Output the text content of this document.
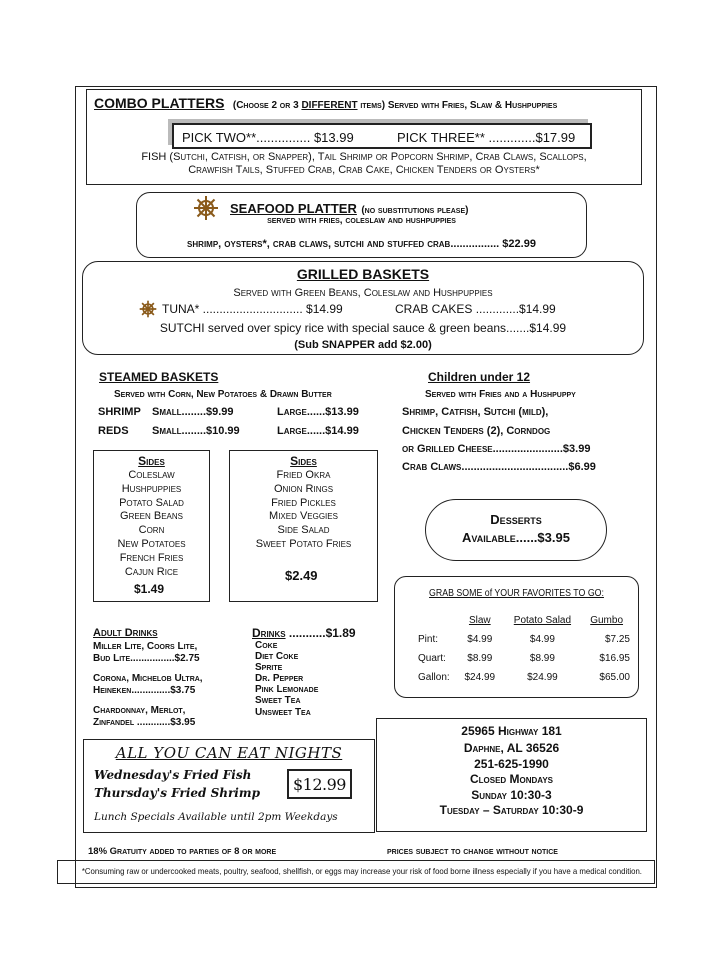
COMBO PLATTERS (Choose 2 or 3 DIFFERENT items) Served with Fries, Slaw & Hushpuppies
PICK TWO**............... $13.99	PICK THREE** .............$17.99
FISH (Sutchi, Catfish, or Snapper), Tail Shrimp or Popcorn Shrimp, Crab Claws, Scallops,
Crawfish Tails, Stuffed Crab, Crab Cake, Chicken Tenders or Oysters*
SEAFOOD PLATTER (no substitutions please)
served with fries, coleslaw and hushpuppies
shrimp, oysters*, crab claws, sutchi and stuffed crab................ $22.99
GRILLED BASKETS
Served with Green Beans, Coleslaw and Hushpuppies
TUNA* .............................. $14.99	CRAB CAKES .............$14.99
SUTCHI served over spicy rice with special sauce & green beans.......$14.99
(Sub SNAPPER add $2.00)
STEAMED BASKETS
Served with Corn, New Potatoes & Drawn Butter
SHRIMP Small........$9.99	Large......$13.99
REDS Small........$10.99	Large......$14.99
Sides
Coleslaw
Hushpuppies
Potato Salad
Green Beans
Corn
New Potatoes
French Fries
Cajun Rice
$1.49
Sides
Fried Okra
Onion Rings
Fried Pickles
Mixed Veggies
Side Salad
Sweet Potato Fries
$2.49
Children under 12
Served with Fries and a Hushpuppy
Shrimp, Catfish, Sutchi (mild),
Chicken Tenders (2), Corndog
or Grilled Cheese.......................$3.99
Crab Claws...................................$6.99
Desserts
Available......$3.95
GRAB SOME of YOUR FAVORITES TO GO:
	Slaw	Potato Salad	Gumbo
Pint:	$4.99	$4.99	$7.25
Quart:	$8.99	$8.99	$16.95
Gallon:	$24.99	$24.99	$65.00
Adult Drinks
Miller Lite, Coors Lite,
Bud Lite................$2.75
Corona, Michelob Ultra,
Heineken..............$3.75
Chardonnay, Merlot,
Zinfandel ............$3.95
Drinks ...........$1.89
Coke
Diet Coke
Sprite
Dr. Pepper
Pink Lemonade
Sweet Tea
Unsweet Tea
ALL YOU CAN EAT NIGHTS
Wednesday's Fried Fish
Thursday's Fried Shrimp $12.99
Lunch Specials Available until 2pm Weekdays
25965 Highway 181
Daphne, AL 36526
251-625-1990
Closed Mondays
Sunday 10:30-3
Tuesday – Saturday 10:30-9
18% Gratuity added to parties of 8 or more	prices subject to change without notice
*Consuming raw or undercooked meats, poultry, seafood, shellfish, or eggs may increase your risk of food borne illness especially if you have a medical condition.
